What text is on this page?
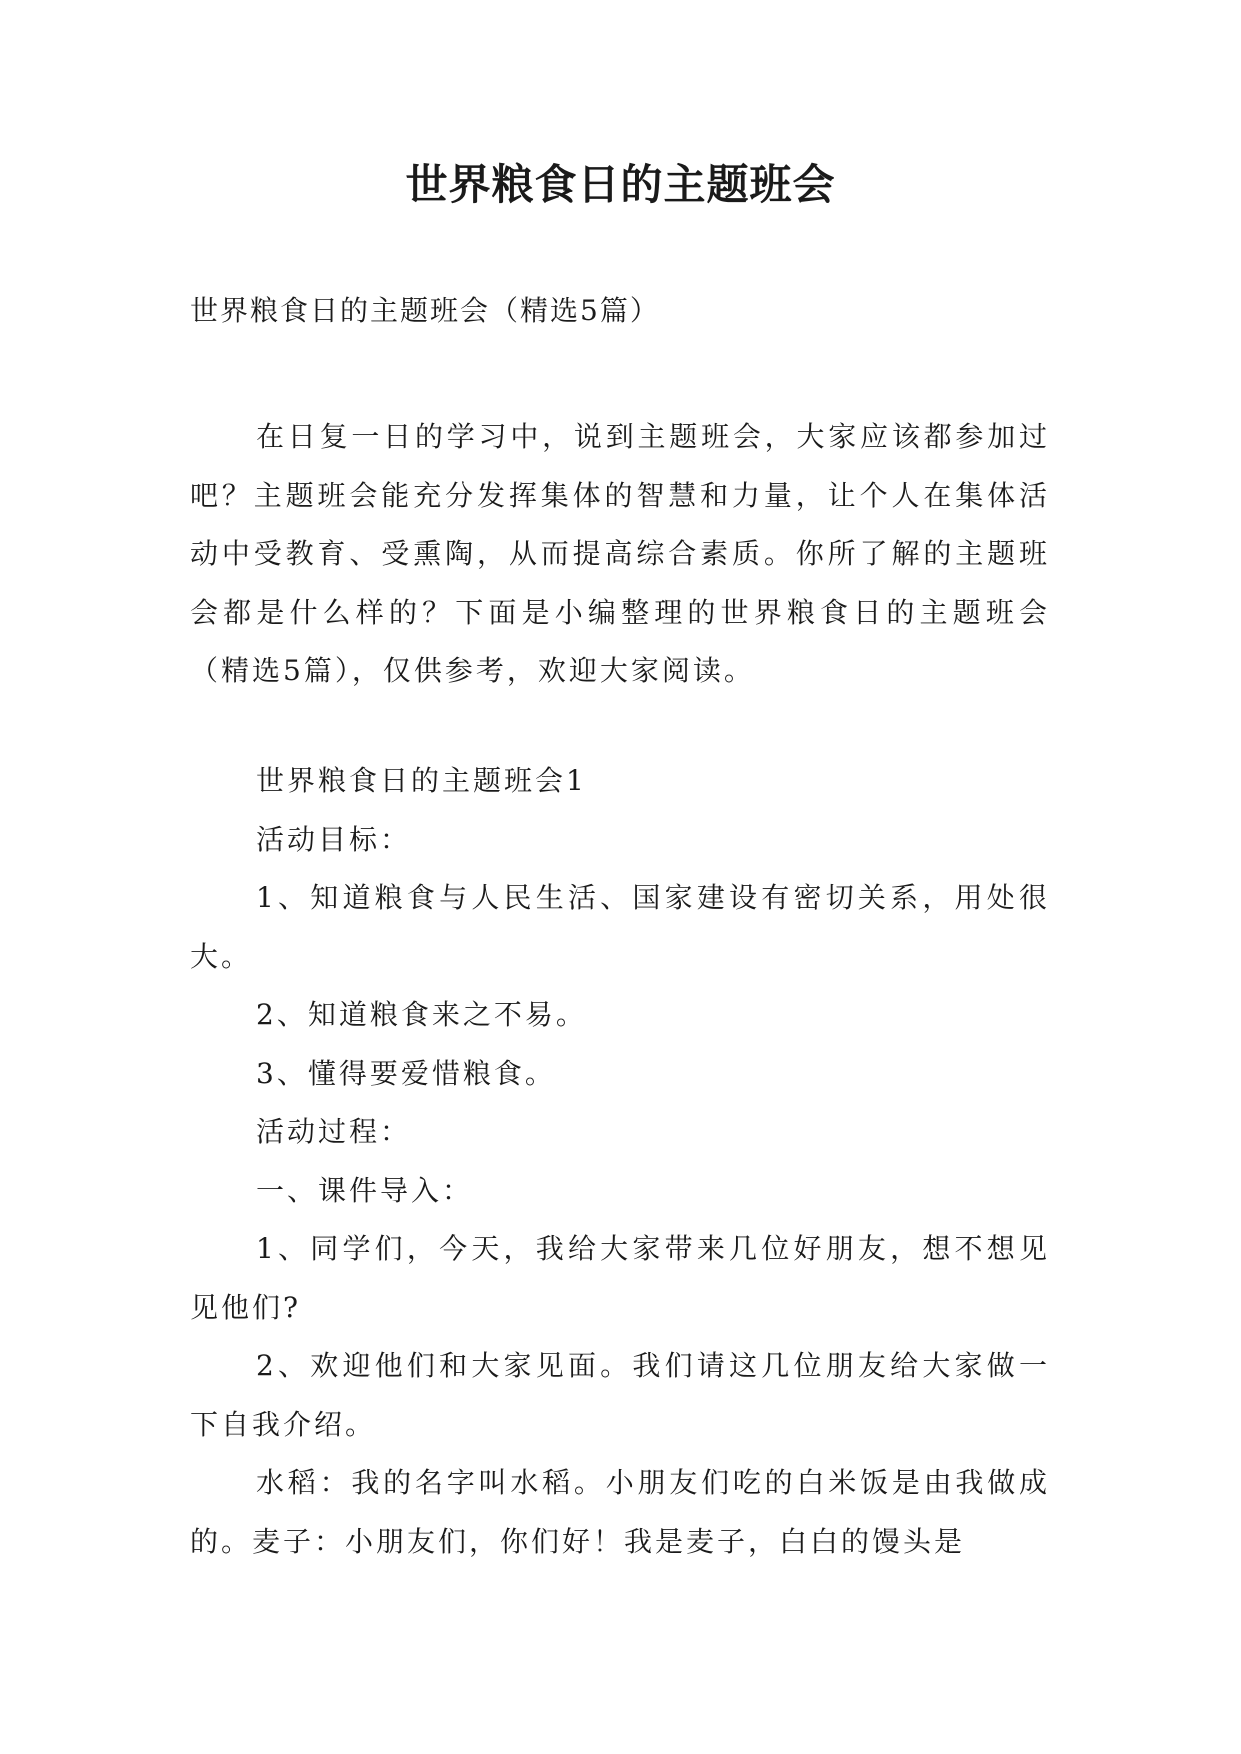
世界粮食日的主题班会
世界粮食日的主题班会（精选5篇）

在日复一日的学习中，说到主题班会，大家应该都参加过吧？主题班会能充分发挥集体的智慧和力量，让个人在集体活动中受教育、受熏陶，从而提高综合素质。你所了解的主题班会都是什么样的？下面是小编整理的世界粮食日的主题班会（精选5篇），仅供参考，欢迎大家阅读。

世界粮食日的主题班会1

活动目标：

1、知道粮食与人民生活、国家建设有密切关系，用处很大。

2、知道粮食来之不易。

3、懂得要爱惜粮食。

活动过程：

一、课件导入：

1、同学们，今天，我给大家带来几位好朋友，想不想见见他们?

2、欢迎他们和大家见面。我们请这几位朋友给大家做一下自我介绍。

水稻：我的名字叫水稻。小朋友们吃的白米饭是由我做成的。麦子：小朋友们，你们好！我是麦子，白白的馒头是
